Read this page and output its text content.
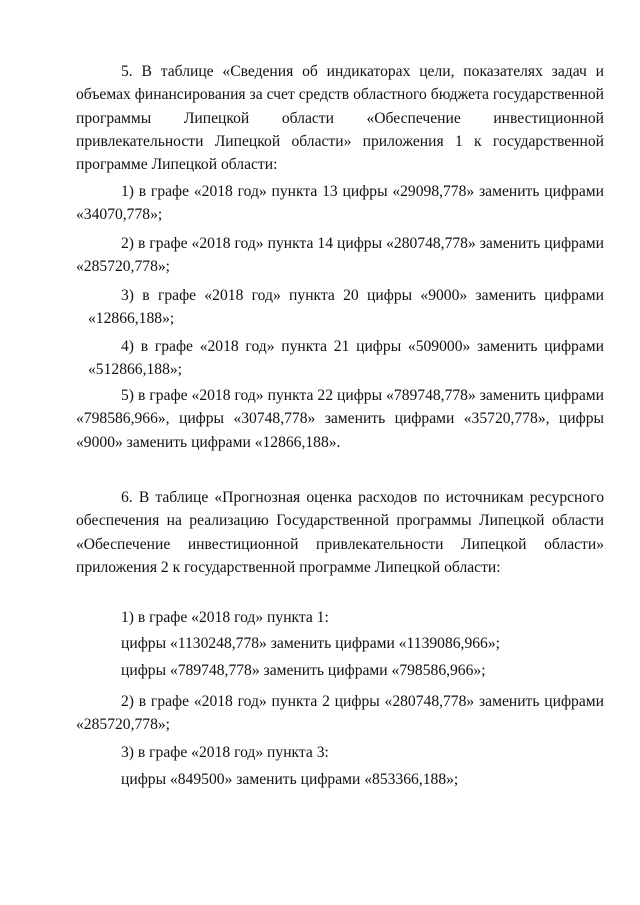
5. В таблице «Сведения об индикаторах цели, показателях задач и объемах финансирования за счет средств областного бюджета государственной программы Липецкой области «Обеспечение инвестиционной привлекательности Липецкой области» приложения 1 к государственной программе Липецкой области:

1) в графе «2018 год» пункта 13 цифры «29098,778» заменить цифрами
«34070,778»;
2) в графе «2018 год» пункта 14 цифры «280748,778» заменить цифрами
«285720,778»;
3) в графе «2018 год» пункта 20 цифры «9000» заменить цифрами
«12866,188»;
4) в графе «2018 год» пункта 21 цифры «509000» заменить цифрами
«512866,188»;

5) в графе «2018 год» пункта 22 цифры «789748,778» заменить цифрами «798586,966», цифры «30748,778» заменить цифрами «35720,778», цифры «9000» заменить цифрами «12866,188».

6. В таблице «Прогнозная оценка расходов по источникам ресурсного обеспечения на реализацию Государственной программы Липецкой области «Обеспечение инвестиционной привлекательности Липецкой области» приложения 2 к государственной программе Липецкой области:

1) в графе «2018 год» пункта 1:

цифры «1130248,778» заменить цифрами «1139086,966»;

цифры «789748,778» заменить цифрами «798586,966»;

2) в графе «2018 год» пункта 2 цифры «280748,778» заменить цифрами «285720,778»;

3) в графе «2018 год» пункта 3:

цифры «849500» заменить цифрами «853366,188»;
